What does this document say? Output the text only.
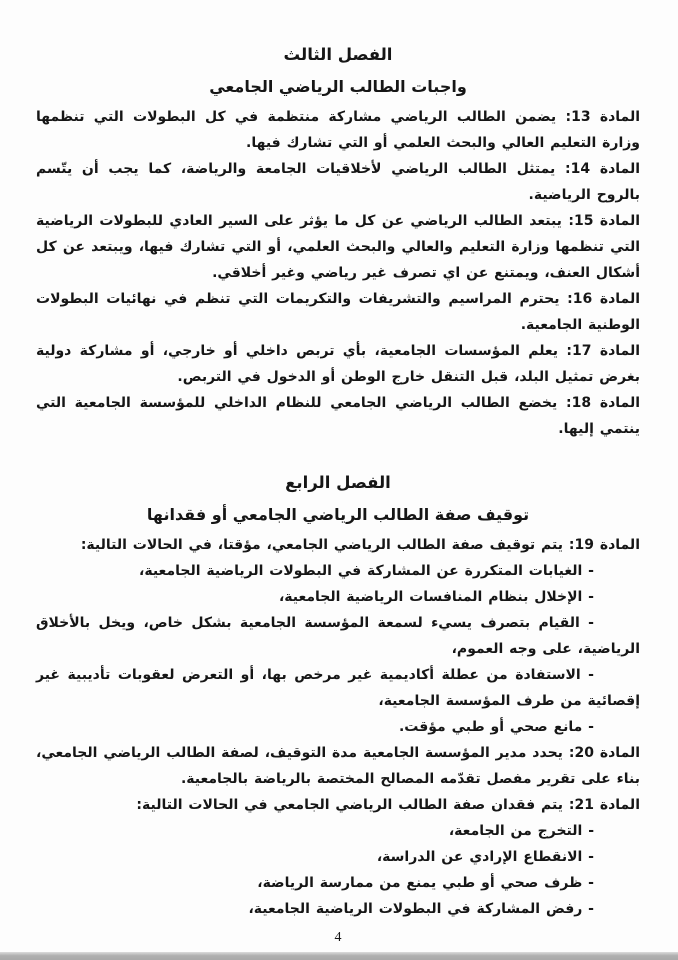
الفصل الثالث
واجبات الطالب الرياضي الجامعي

المادة 13: يضمن الطالب الرياضي مشاركة منتظمة في كل البطولات التي تنظمها وزارة التعليم العالي والبحث العلمي أو التي تشارك فيها.

المادة 14: يمتثل الطالب الرياضي لأخلاقيات الجامعة والرياضة، كما يجب أن يتّسم بالروح الرياضية.

المادة 15: يبتعد الطالب الرياضي عن كل ما يؤثر على السير العادي للبطولات الرياضية التي تنظمها وزارة التعليم والعالي والبحث العلمي، أو التي تشارك فيها، ويبتعد عن كل أشكال العنف، ويمتنع عن اي تصرف غير رياضي وغير أخلاقي.

المادة 16: يحترم المراسيم والتشريفات والتكريمات التي تنظم في نهائيات البطولات الوطنية الجامعية.

المادة 17: يعلم المؤسسات الجامعية، بأي تربص داخلي أو خارجي، أو مشاركة دولية بغرض تمثيل البلد، قبل التنقل خارج الوطن أو الدخول في التربص.

المادة 18: يخضع الطالب الرياضي الجامعي للنظام الداخلي للمؤسسة الجامعية التي ينتمي إليها.

الفصل الرابع
توقيف صفة الطالب الرياضي الجامعي أو فقدانها

المادة 19: يتم توقيف صفة الطالب الرياضي الجامعي، مؤقتا، في الحالات التالية:

- الغيابات المتكررة عن المشاركة في البطولات الرياضية الجامعية،

- الإخلال بنظام المنافسات الرياضية الجامعية،

- القيام بتصرف يسيء لسمعة المؤسسة الجامعية بشكل خاص، ويخل بالأخلاق الرياضية، على وجه العموم،

- الاستفادة من عطلة أكاديمية غير مرخص بها، أو التعرض لعقوبات تأديبية غير إقصائية من طرف المؤسسة الجامعية،

- مانع صحي أو طبي مؤقت.

المادة 20: يحدد مدير المؤسسة الجامعية مدة التوقيف، لصفة الطالب الرياضي الجامعي، بناء على تقرير مفصل تقدّمه المصالح المختصة بالرياضة بالجامعية.

المادة 21: يتم فقدان صفة الطالب الرياضي الجامعي في الحالات التالية:

- التخرج من الجامعة،

- الانقطاع الإرادي عن الدراسة،

- ظرف صحي أو طبي يمنع من ممارسة الرياضة،

- رفض المشاركة في البطولات الرياضية الجامعية،

4
